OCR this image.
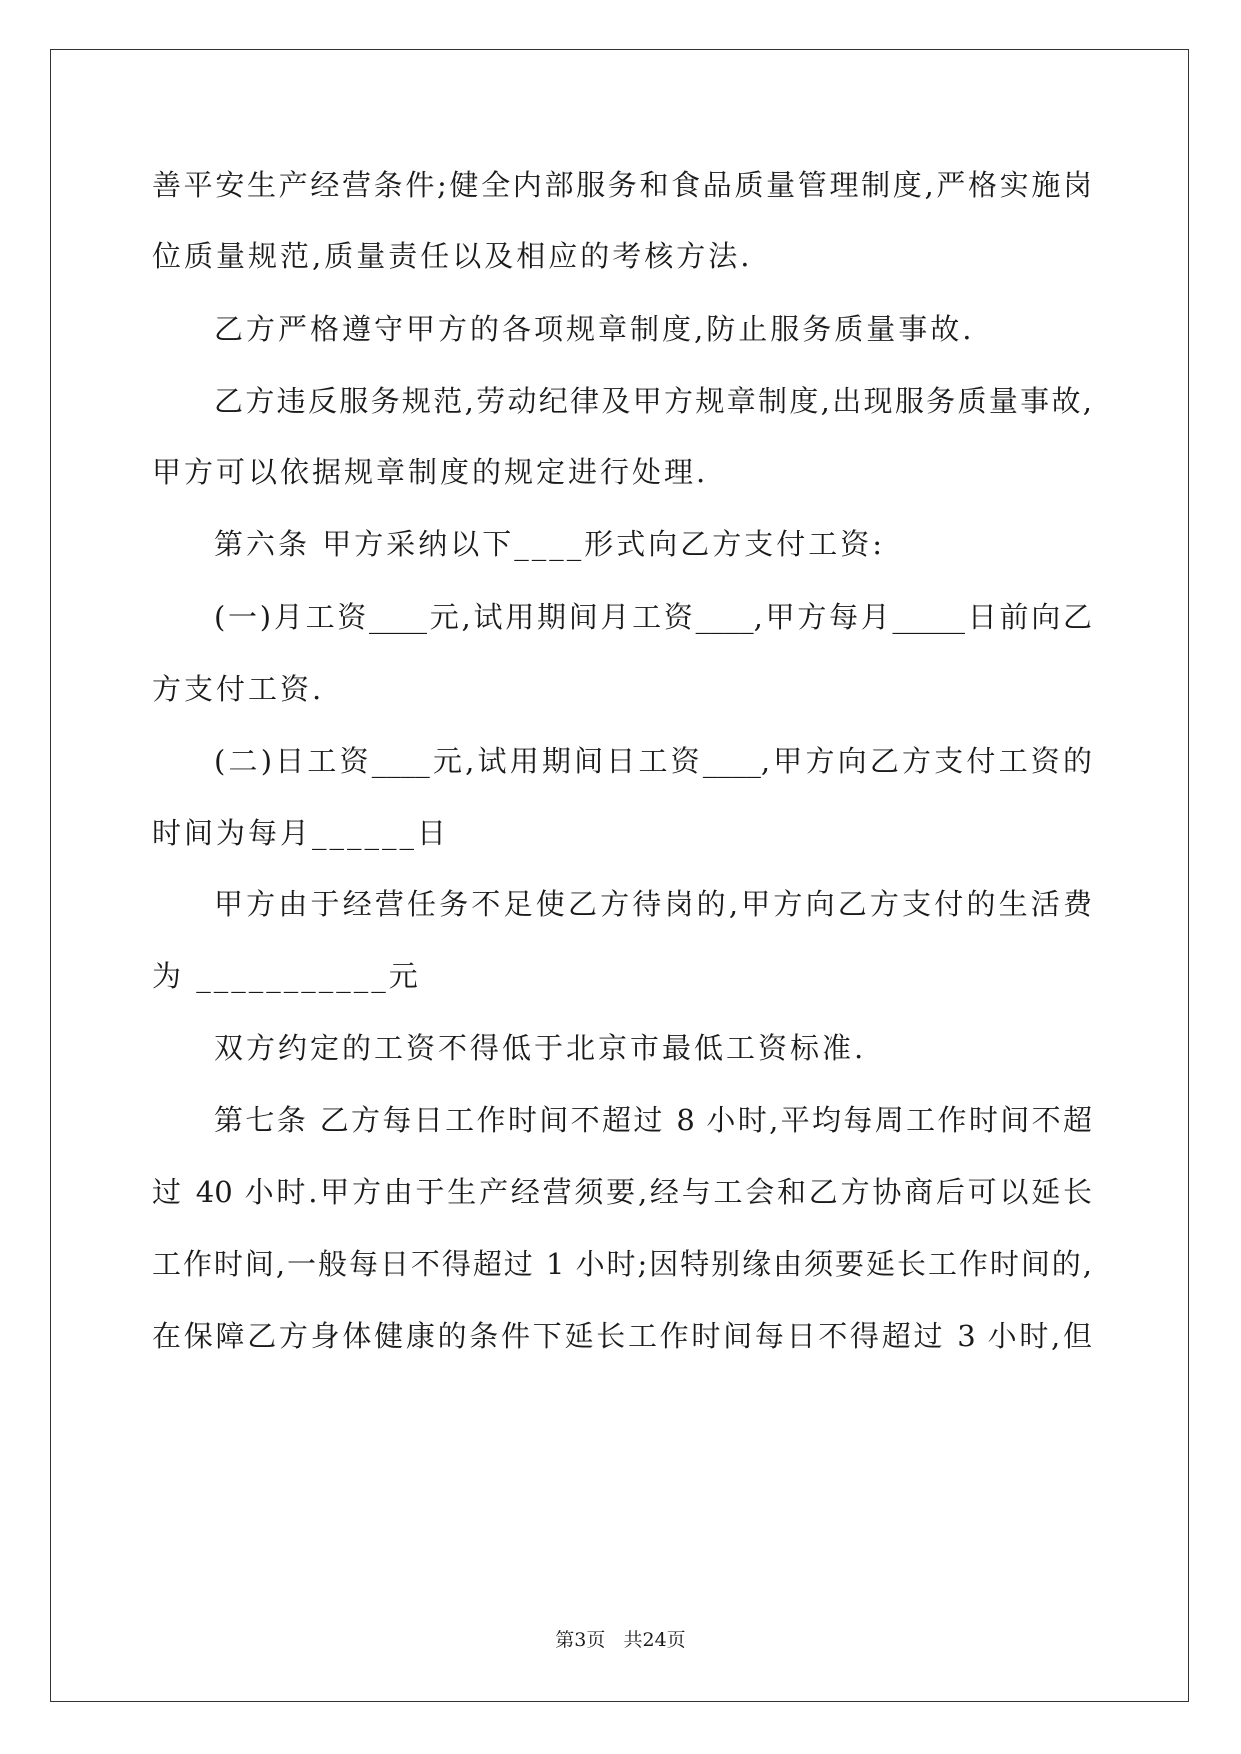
善平安生产经营条件;健全内部服务和食品质量管理制度,严格实施岗
位质量规范,质量责任以及相应的考核方法.
乙方严格遵守甲方的各项规章制度,防止服务质量事故.
乙方违反服务规范,劳动纪律及甲方规章制度,出现服务质量事故,
甲方可以依据规章制度的规定进行处理.
第六条 甲方采纳以下____形式向乙方支付工资:
(一)月工资____元,试用期间月工资____,甲方每月_____日前向乙
方支付工资.
(二)日工资____元,试用期间日工资____,甲方向乙方支付工资的
时间为每月______日
甲方由于经营任务不足使乙方待岗的,甲方向乙方支付的生活费
为 ___________元
双方约定的工资不得低于北京市最低工资标准.
第七条 乙方每日工作时间不超过 8 小时,平均每周工作时间不超
过 40 小时.甲方由于生产经营须要,经与工会和乙方协商后可以延长
工作时间,一般每日不得超过 1 小时;因特别缘由须要延长工作时间的,
在保障乙方身体健康的条件下延长工作时间每日不得超过 3 小时,但
第3页   共24页
